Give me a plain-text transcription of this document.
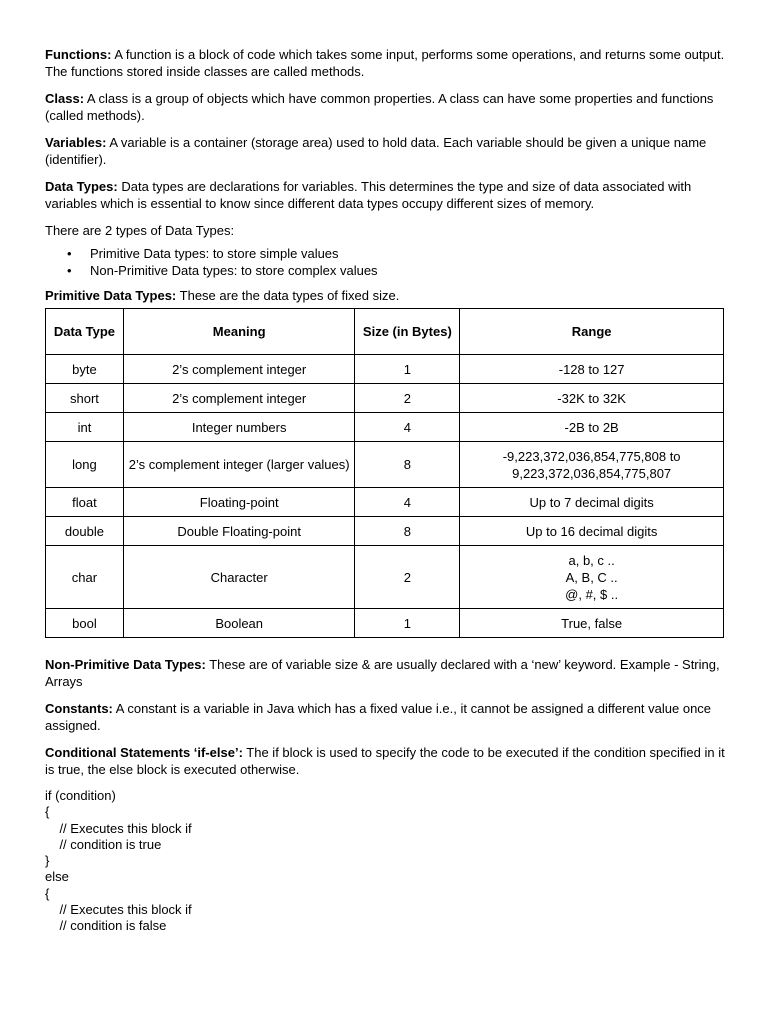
Functions: A function is a block of code which takes some input, performs some operations, and returns some output. The functions stored inside classes are called methods.

Class: A class is a group of objects which have common properties. A class can have some properties and functions (called methods).

Variables: A variable is a container (storage area) used to hold data. Each variable should be given a unique name (identifier).

Data Types: Data types are declarations for variables. This determines the type and size of data associated with variables which is essential to know since different data types occupy different sizes of memory.

There are 2 types of Data Types:

• Primitive Data types: to store simple values
• Non-Primitive Data types: to store complex values

Primitive Data Types: These are the data types of fixed size.

Data Type	Meaning	Size (in Bytes)	Range
byte	2’s complement integer	1	-128 to 127
short	2’s complement integer	2	-32K to 32K
int	Integer numbers	4	-2B to 2B
long	2’s complement integer (larger values)	8	-9,223,372,036,854,775,808 to 9,223,372,036,854,775,807
float	Floating-point	4	Up to 7 decimal digits
double	Double Floating-point	8	Up to 16 decimal digits
char	Character	2	a, b, c ..
A, B, C ..
@, #, $ ..
bool	Boolean	1	True, false

Non-Primitive Data Types: These are of variable size & are usually declared with a ‘new’ keyword. Example - String, Arrays

Constants: A constant is a variable in Java which has a fixed value i.e., it cannot be assigned a different value once assigned.

Conditional Statements ‘if-else’: The if block is used to specify the code to be executed if the condition specified in it is true, the else block is executed otherwise.

if (condition)
{
// Executes this block if
// condition is true
}
else
{
// Executes this block if
// condition is false
